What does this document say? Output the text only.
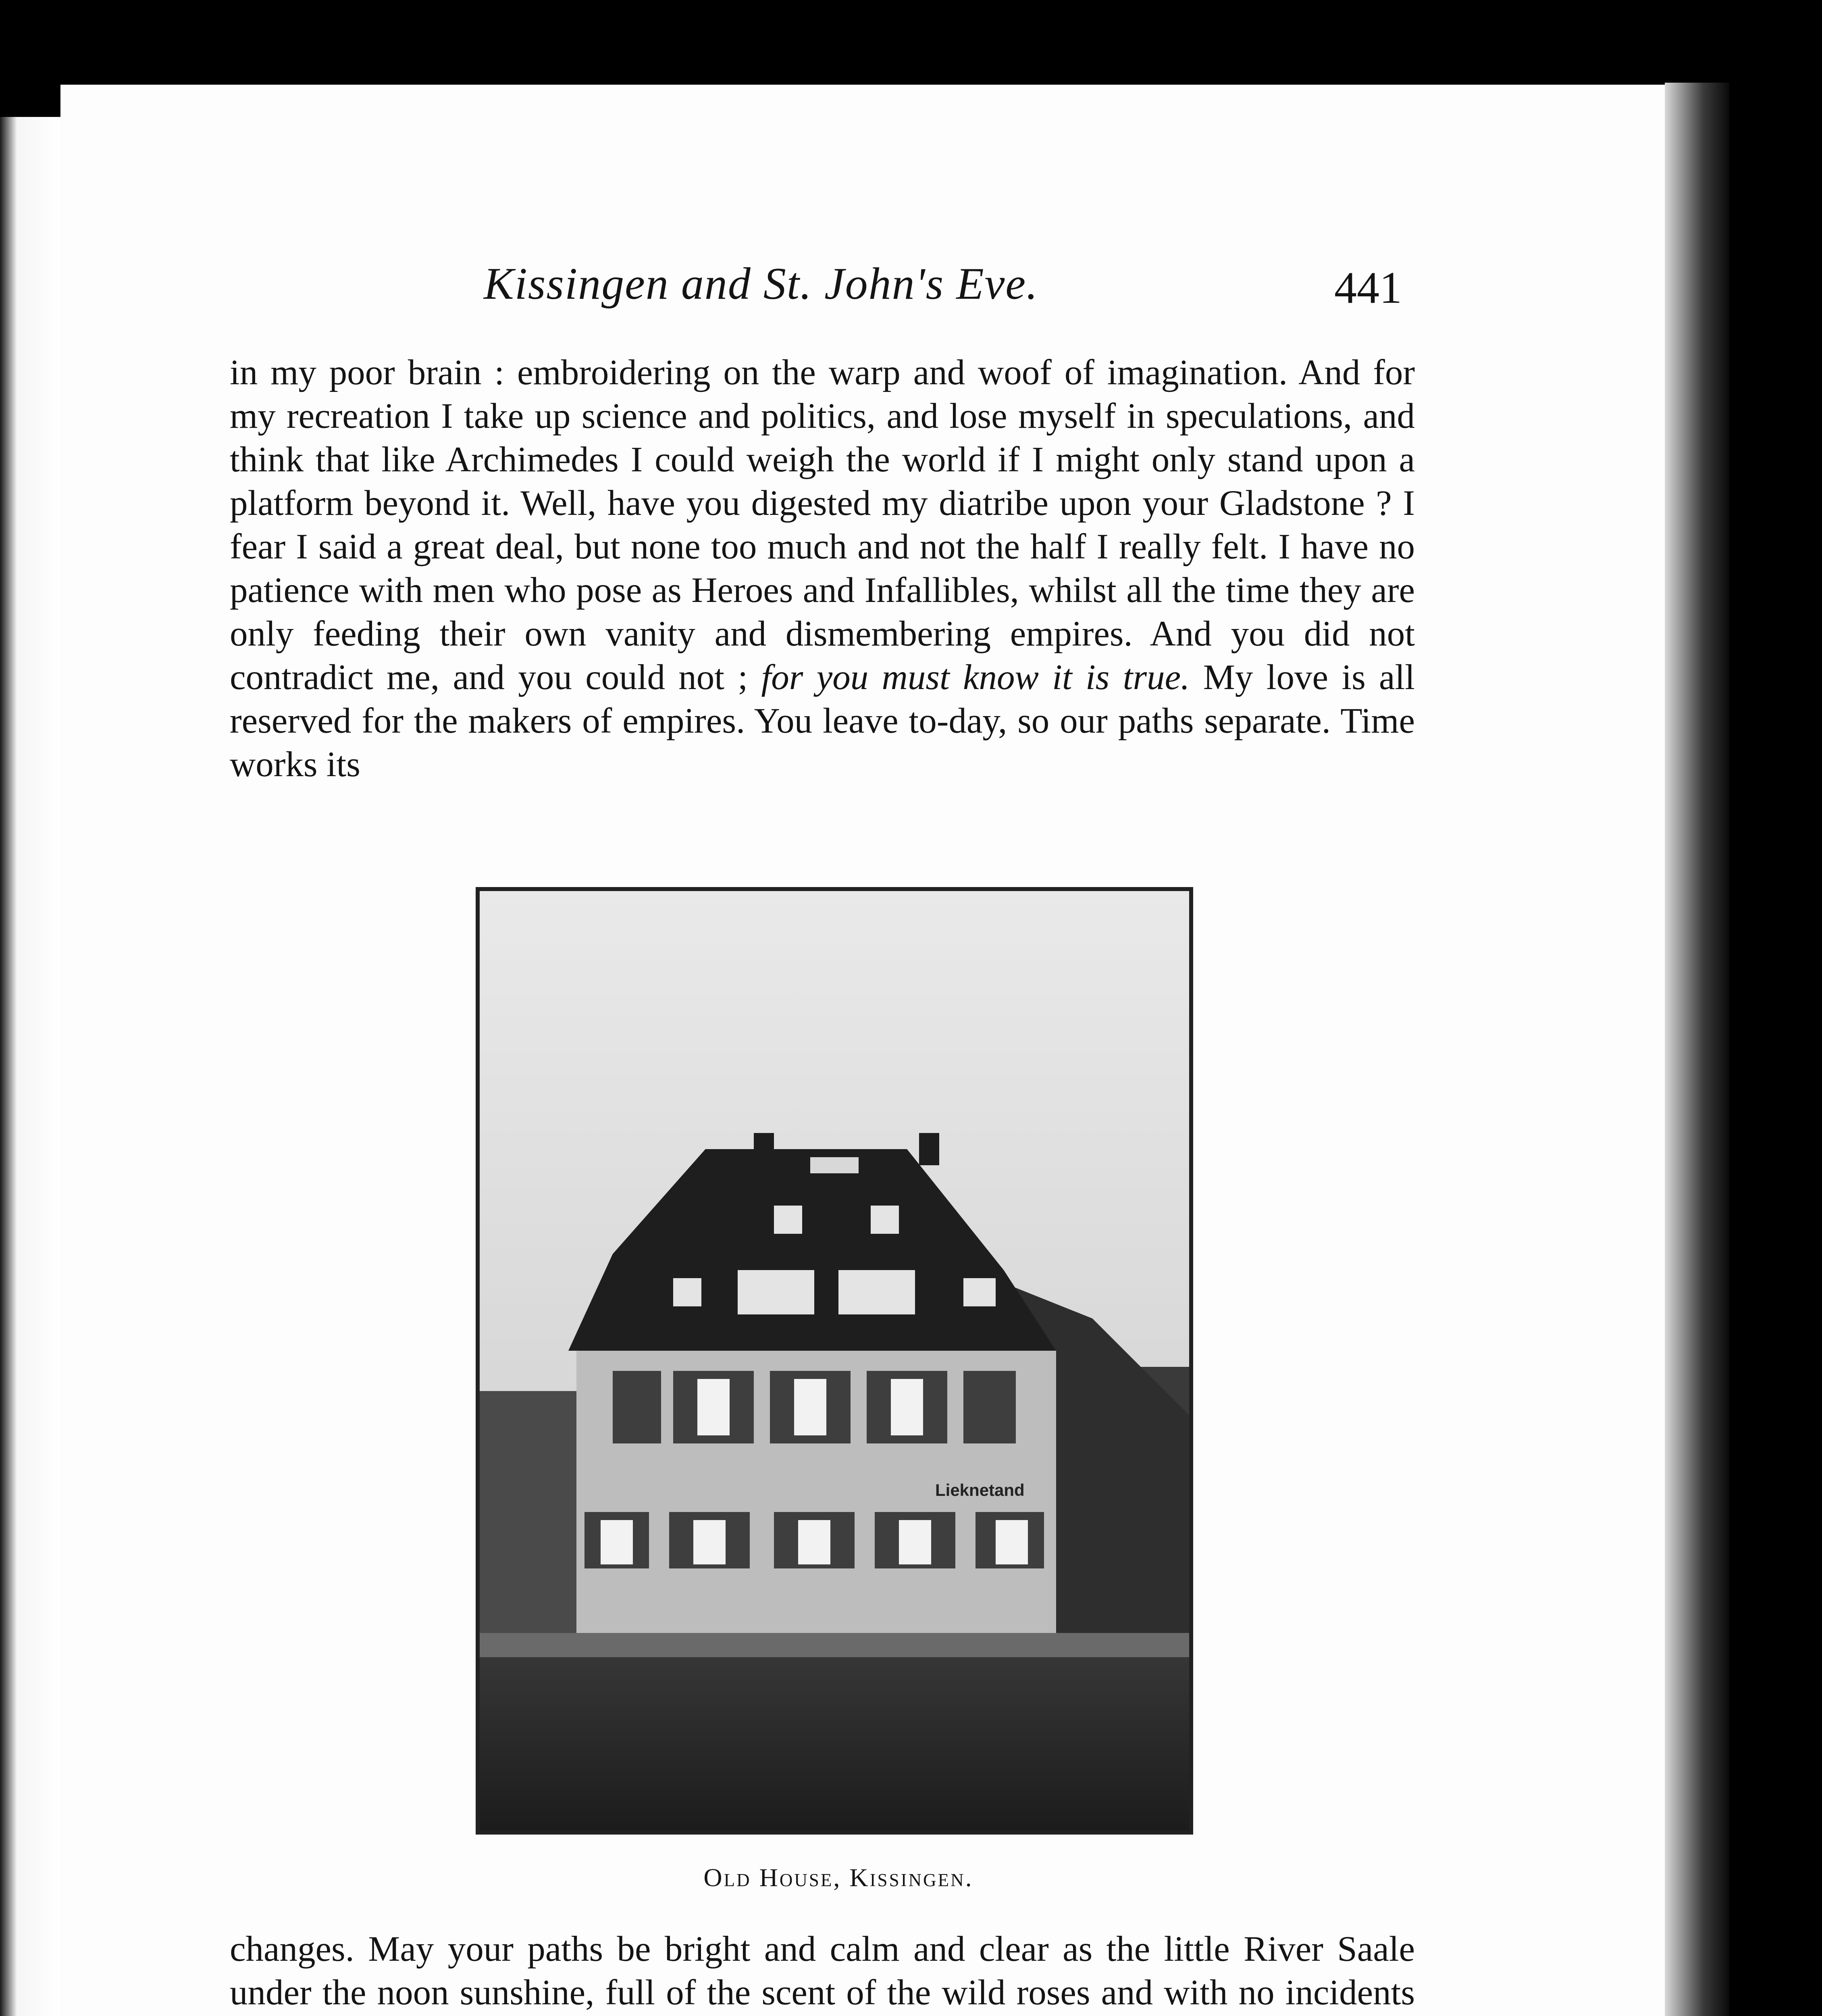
Kissingen and St. John's Eve.	441

in my poor brain : embroidering on the warp and woof of imagination. And for my recreation I take up science and politics, and lose myself in speculations, and think that like Archimedes I could weigh the world if I might only stand upon a platform beyond it. Well, have you digested my diatribe upon your Gladstone ? I fear I said a great deal, but none too much and not the half I really felt. I have no patience with men who pose as Heroes and Infallibles, whilst all the time they are only feeding their own vanity and dismembering empires. And you did not contradict me, and you could not ; for you must know it is true. My love is all reserved for the makers of empires. You leave to-day, so our paths separate. Time works its

Lieknetand
Old House, Kissingen.

changes. May your paths be bright and calm and clear as the little River Saale under the noon sunshine, full of the scent of the wild roses and with no incidents
